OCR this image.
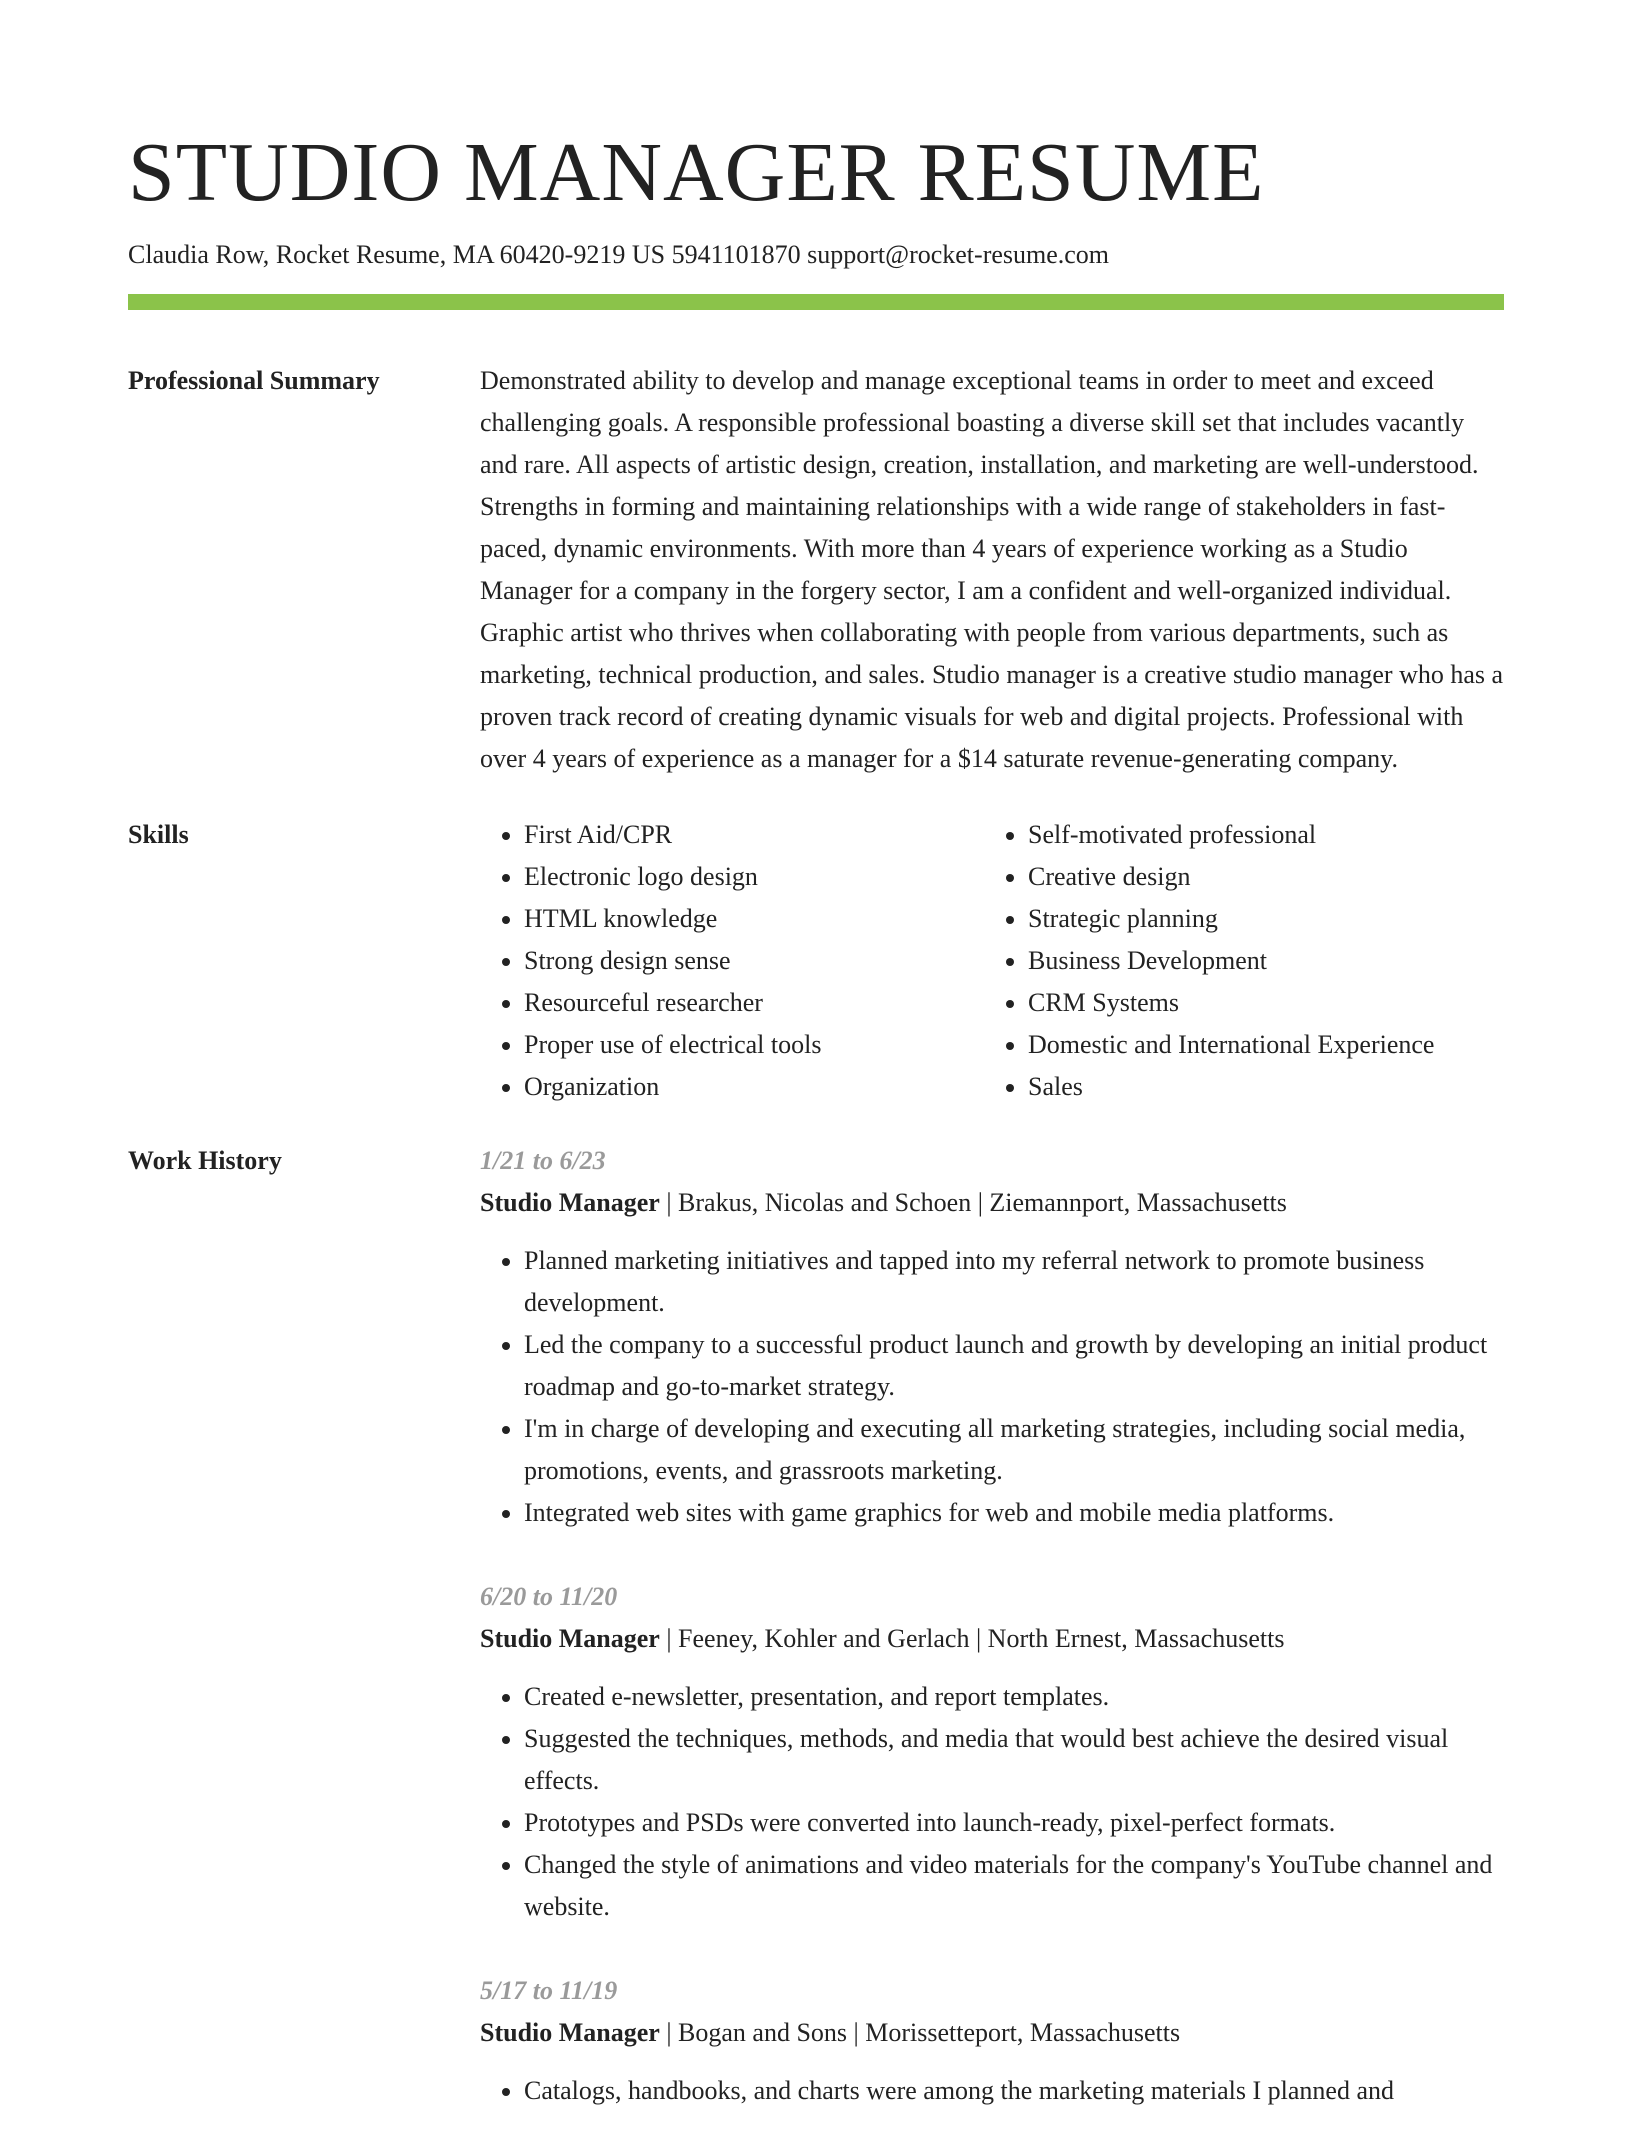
STUDIO MANAGER RESUME
Claudia Row, Rocket Resume, MA 60420-9219 US 5941101870 support@rocket-resume.com
Professional Summary	Demonstrated ability to develop and manage exceptional teams in order to meet and exceed challenging goals. A responsible professional boasting a diverse skill set that includes vacantly and rare. All aspects of artistic design, creation, installation, and marketing are well-understood. Strengths in forming and maintaining relationships with a wide range of stakeholders in fast-paced, dynamic environments. With more than 4 years of experience working as a Studio Manager for a company in the forgery sector, I am a confident and well-organized individual. Graphic artist who thrives when collaborating with people from various departments, such as marketing, technical production, and sales. Studio manager is a creative studio manager who has a proven track record of creating dynamic visuals for web and digital projects. Professional with over 4 years of experience as a manager for a $14 saturate revenue-generating company.

Skills
•	First Aid/CPR
• Electronic logo design
• HTML knowledge
• Strong design sense
• Resourceful researcher
• Proper use of electrical tools
• Organization
• Self-motivated professional
• Creative design
• Strategic planning
• Business Development
• CRM Systems
• Domestic and International Experience
• Sales
Work History	1/21 to 6/23
Studio Manager | Brakus, Nicolas and Schoen | Ziemannport, Massachusetts
• Planned marketing initiatives and tapped into my referral network to promote business development.
• Led the company to a successful product launch and growth by developing an initial product roadmap and go-to-market strategy.
• I'm in charge of developing and executing all marketing strategies, including social media, promotions, events, and grassroots marketing.
• Integrated web sites with game graphics for web and mobile media platforms.
6/20 to 11/20
Studio Manager | Feeney, Kohler and Gerlach | North Ernest, Massachusetts
• Created e-newsletter, presentation, and report templates.
• Suggested the techniques, methods, and media that would best achieve the desired visual effects.
• Prototypes and PSDs were converted into launch-ready, pixel-perfect formats.
• Changed the style of animations and video materials for the company's YouTube channel and website.
5/17 to 11/19
Studio Manager | Bogan and Sons | Morissetteport, Massachusetts
• Catalogs, handbooks, and charts were among the marketing materials I planned and
